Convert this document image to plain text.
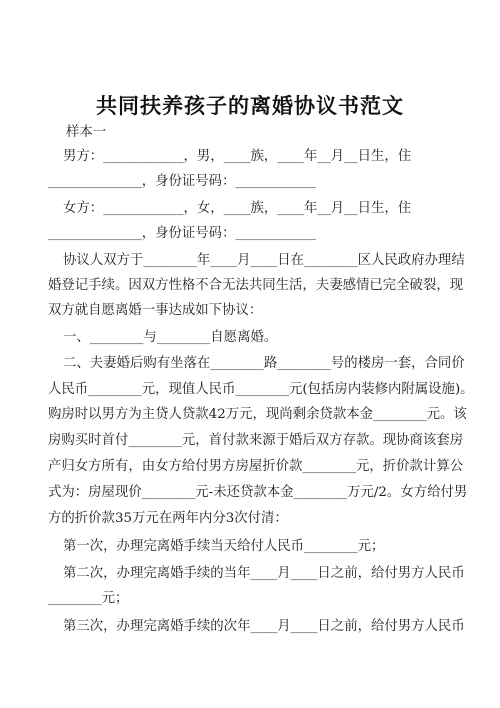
共同扶养孩子的离婚协议书范文
样本一
男方：____________，男，____族，____年__月__日生，住
______________，身份证号码：____________
女方：____________，女，____族，____年__月__日生，住
______________，身份证号码：____________
协议人双方于________年____月____日在________区人民政府办理结
婚登记手续。因双方性格不合无法共同生活，夫妻感情已完全破裂，现
双方就自愿离婚一事达成如下协议：
一、________与________自愿离婚。
二、夫妻婚后购有坐落在________路________号的楼房一套，合同价
人民币________元，现值人民币________元(包括房内装修内附属设施)。
购房时以男方为主贷人贷款42万元，现尚剩余贷款本金________元。该
房购买时首付________元，首付款来源于婚后双方存款。现协商该套房
产归女方所有，由女方给付男方房屋折价款________元，折价款计算公
式为：房屋现价________元-未还贷款本金________万元/2。女方给付男
方的折价款35万元在两年内分3次付清：
第一次，办理完离婚手续当天给付人民币________元；
第二次，办理完离婚手续的当年____月____日之前，给付男方人民币
________元；
第三次，办理完离婚手续的次年____月____日之前，给付男方人民币
